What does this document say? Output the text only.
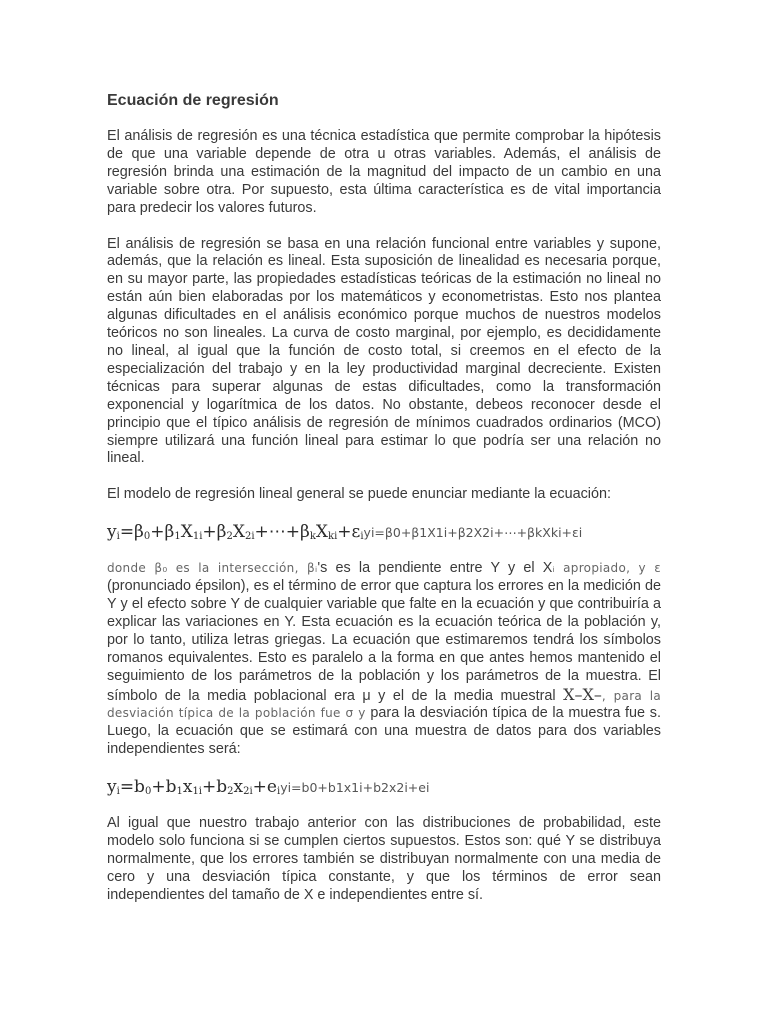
Ecuación de regresión

El análisis de regresión es una técnica estadística que permite comprobar la hipótesis de que una variable depende de otra u otras variables. Además, el análisis de regresión brinda una estimación de la magnitud del impacto de un cambio en una variable sobre otra. Por supuesto, esta última característica es de vital importancia para predecir los valores futuros.

El análisis de regresión se basa en una relación funcional entre variables y supone, además, que la relación es lineal. Esta suposición de linealidad es necesaria porque, en su mayor parte, las propiedades estadísticas teóricas de la estimación no lineal no están aún bien elaboradas por los matemáticos y econometristas. Esto nos plantea algunas dificultades en el análisis económico porque muchos de nuestros modelos teóricos no son lineales. La curva de costo marginal, por ejemplo, es decididamente no lineal, al igual que la función de costo total, si creemos en el efecto de la especialización del trabajo y en la ley productividad marginal decreciente. Existen técnicas para superar algunas de estas dificultades, como la transformación exponencial y logarítmica de los datos. No obstante, debeos reconocer desde el principio que el típico análisis de regresión de mínimos cuadrados ordinarios (MCO) siempre utilizará una función lineal para estimar lo que podría ser una relación no lineal.

El modelo de regresión lineal general se puede enunciar mediante la ecuación:

$y_i=\beta_0+\beta_1X_{1i}+\beta_2X_{2i}+\cdots+\beta_kX_{ki}+\varepsilon_iyi=\beta 0+\beta 1X1i+\beta 2X2i+\cdots+\beta kXki+\varepsilon i$

donde β₀ es la intersección, βᵢ's es la pendiente entre Y y el Xᵢ apropiado, y ε (pronunciado épsilon), es el término de error que captura los errores en la medición de Y y el efecto sobre Y de cualquier variable que falte en la ecuación y que contribuiría a explicar las variaciones en Y. Esta ecuación es la ecuación teórica de la población y, por lo tanto, utiliza letras griegas. La ecuación que estimaremos tendrá los símbolos romanos equivalentes. Esto es paralelo a la forma en que antes hemos mantenido el seguimiento de los parámetros de la población y los parámetros de la muestra. El símbolo de la media poblacional era μ y el de la media muestral X–X–, para la desviación típica de la población fue σ y para la desviación típica de la muestra fue s. Luego, la ecuación que se estimará con una muestra de datos para dos variables independientes será:

$y_i=b_0+b_1x_{1i}+b_2x_{2i}+e_iyi=b0+b1x1i+b2x2i+ei$

Al igual que nuestro trabajo anterior con las distribuciones de probabilidad, este modelo solo funciona si se cumplen ciertos supuestos. Estos son: qué Y se distribuya normalmente, que los errores también se distribuyan normalmente con una media de cero y una desviación típica constante, y que los términos de error sean independientes del tamaño de X e independientes entre sí.
